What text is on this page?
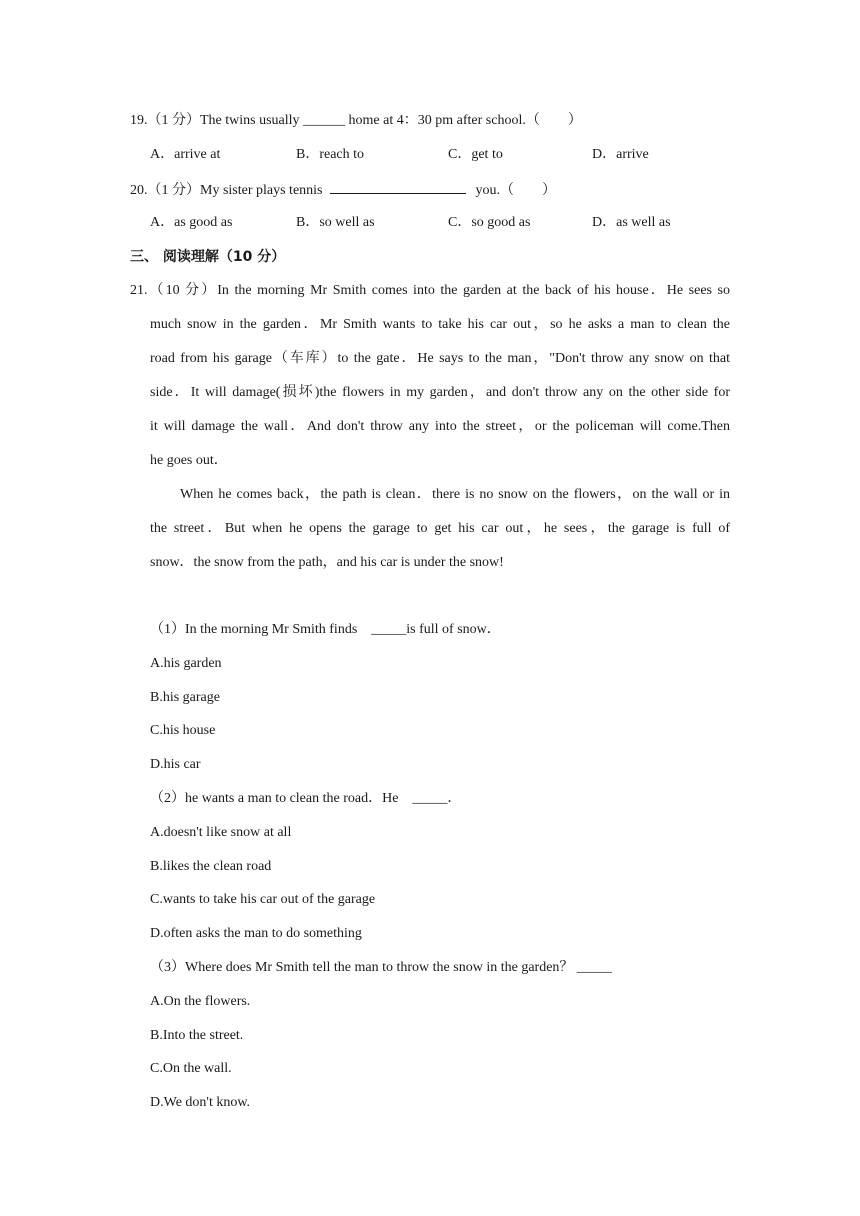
19.（1 分）The twins usually ______ home at 4：30 pm after school.（　　）
A．arrive at	B．reach to	C．get to	D．arrive
20.（1 分）My sister plays tennis	you.（　　）
A．as good as	B．so well as	C．so good as	D．as well as
三、 阅读理解（10 分）
21.（10 分）In the morning Mr Smith comes into the garden at the back of his house．He sees so
much snow in the garden．Mr Smith wants to take his car out，so he asks a man to clean the
road from his garage（车库）to the gate．He says to the man，"Don't throw any snow on that
side．It will damage(损坏)the flowers in my garden，and don't throw any on the other side for
it will damage the wall．And don't throw any into the street，or the policeman will come.Then
he goes out．
When he comes back，the path is clean．there is no snow on the flowers，on the wall or in
the street．But when he opens the garage to get his car out，he sees，the garage is full of
snow．the snow from the path，and his car is under the snow!
（1）In the morning Mr Smith finds　_____is full of snow．
A.his garden
B.his garage
C.his house
D.his car
（2）he wants a man to clean the road．He　_____．
A.doesn't like snow at all
B.likes the clean road
C.wants to take his car out of the garage
D.often asks the man to do something
（3）Where does Mr Smith tell the man to throw the snow in the garden？ _____
A.On the flowers.
B.Into the street.
C.On the wall.
D.We don't know.
